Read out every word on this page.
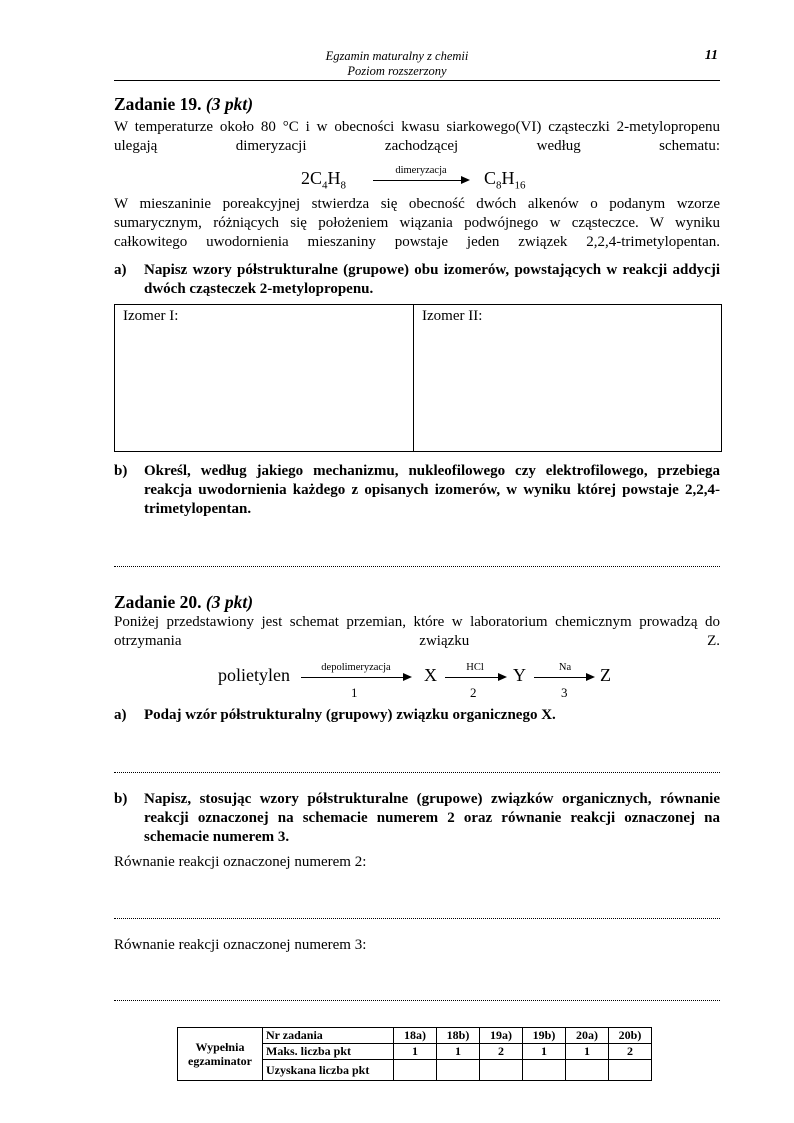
Egzamin maturalny z chemii
Poziom rozszerzony
11
Zadanie 19. (3 pkt)
W temperaturze około 80 °C i w obecności kwasu siarkowego(VI) cząsteczki 2-metylopropenu ulegają dimeryzacji zachodzącej według schematu:
$2C_4H_8$
dimeryzacja	$C_8H_{16}$
W mieszaninie poreakcyjnej stwierdza się obecność dwóch alkenów o podanym wzorze sumarycznym, różniących się położeniem wiązania podwójnego w cząsteczce. W wyniku całkowitego uwodornienia mieszaniny powstaje jeden związek 2,2,4-trimetylopentan.
a) Napisz wzory półstrukturalne (grupowe) obu izomerów, powstających w reakcji addycji dwóch cząsteczek 2-metylopropenu.
Izomer I:	Izomer II:
b) Określ, według jakiego mechanizmu, nukleofilowego czy elektrofilowego, przebiega reakcja uwodornienia każdego z opisanych izomerów, w wyniku której powstaje 2,2,4-trimetylopentan.
Zadanie 20. (3 pkt)
Poniżej przedstawiony jest schemat przemian, które w laboratorium chemicznym prowadzą do otrzymania związku Z.
polietylen	depolimeryzacja
1
X	HCl
2
Y	Na
3
Z
a) Podaj wzór półstrukturalny (grupowy) związku organicznego X.
b) Napisz, stosując wzory półstrukturalne (grupowe) związków organicznych, równanie reakcji oznaczonej na schemacie numerem 2 oraz równanie reakcji oznaczonej na schemacie numerem 3.
Równanie reakcji oznaczonej numerem 2:
Równanie reakcji oznaczonej numerem 3:
Wypełnia
egzaminator	Nr zadania	18a)	18b)	19a)	19b)	20a)	20b)
	Maks. liczba pkt	1	1	2	1	1	2
	Uzyskana liczba pkt						
